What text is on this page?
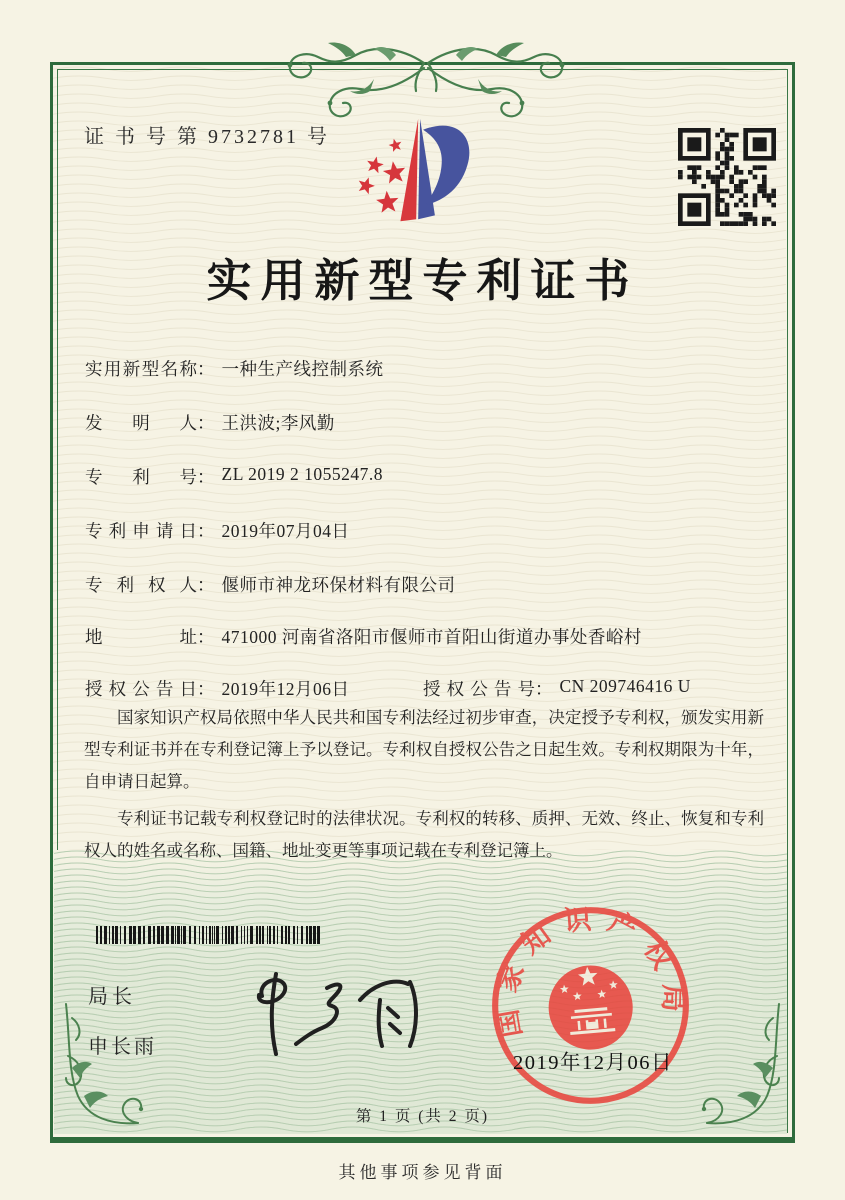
证 书 号 第 9732781 号
实用新型专利证书
实用新型名称： 一种生产线控制系统
发明人： 王洪波;李风勤
专利号： ZL 2019 2 1055247.8
专利申请日： 2019年07月04日
专利权人： 偃师市神龙环保材料有限公司
地址： 471000 河南省洛阳市偃师市首阳山街道办事处香峪村
授权公告日： 2019年12月06日	授权公告号： CN 209746416 U

国家知识产权局依照中华人民共和国专利法经过初步审查，决定授予专利权，颁发实用新型专利证书并在专利登记簿上予以登记。专利权自授权公告之日起生效。专利权期限为十年，自申请日起算。

专利证书记载专利权登记时的法律状况。专利权的转移、质押、无效、终止、恢复和专利权人的姓名或名称、国籍、地址变更等事项记载在专利登记簿上。

局长
申长雨
国家知识产权局
2019年12月06日
第 1 页 (共 2 页)
其他事项参见背面
